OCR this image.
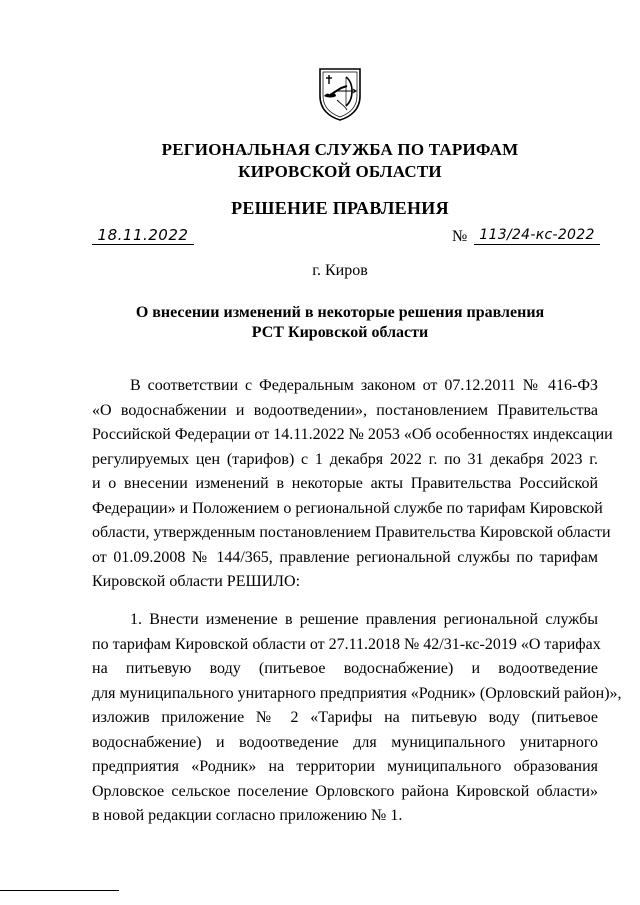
РЕГИОНАЛЬНАЯ СЛУЖБА ПО ТАРИФАМ
КИРОВСКОЙ ОБЛАСТИ
РЕШЕНИЕ ПРАВЛЕНИЯ
18.11.2022	№ 113/24-кс-2022
г. Киров
О внесении изменений в некоторые решения правления
РСТ Кировской области
В соответствии с Федеральным законом от 07.12.2011 № 416-ФЗ
«О водоснабжении и водоотведении», постановлением Правительства
Российской Федерации от 14.11.2022 № 2053 «Об особенностях индексации
регулируемых цен (тарифов) с 1 декабря 2022 г. по 31 декабря 2023 г.
и о внесении изменений в некоторые акты Правительства Российской
Федерации» и Положением о региональной службе по тарифам Кировской
области, утвержденным постановлением Правительства Кировской области
от 01.09.2008 № 144/365, правление региональной службы по тарифам
Кировской области РЕШИЛО:
1. Внести изменение в решение правления региональной службы
по тарифам Кировской области от 27.11.2018 № 42/31-кс-2019 «О тарифах
на питьевую воду (питьевое водоснабжение) и водоотведение
для муниципального унитарного предприятия «Родник» (Орловский район)»,
изложив приложение № 2 «Тарифы на питьевую воду (питьевое
водоснабжение) и водоотведение для муниципального унитарного
предприятия «Родник» на территории муниципального образования
Орловское сельское поселение Орловского района Кировской области»
в новой редакции согласно приложению № 1.
